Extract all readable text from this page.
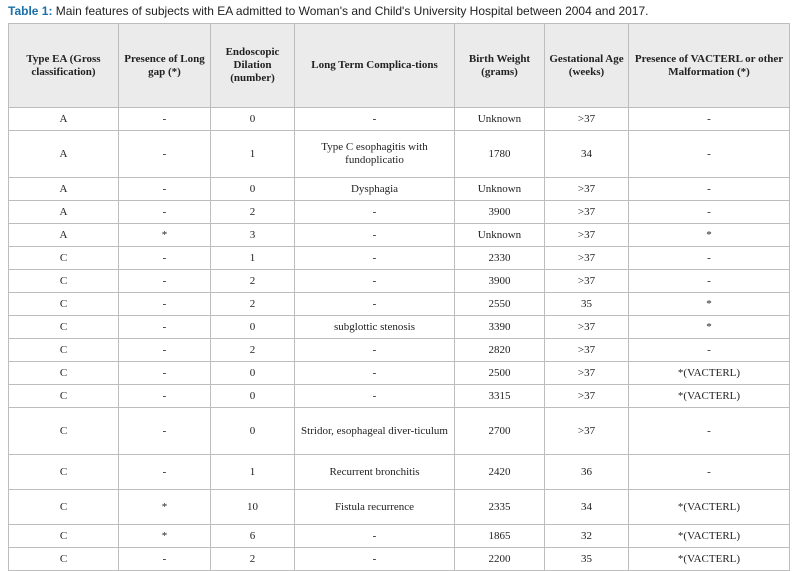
Table 1: Main features of subjects with EA admitted to Woman's and Child's University Hospital between 2004 and 2017.
Type EA (Gross classification)	Presence of Long gap (*)	Endoscopic Dilation (number)	Long Term Complica-tions	Birth Weight (grams)	Gestational Age (weeks)	Presence of VACTERL or other Malformation (*)
A	-	0	-	Unknown	>37	-
A	-	1	Type C esophagitis with fundoplicatio	1780	34	-
A	-	0	Dysphagia	Unknown	>37	-
A	-	2	-	3900	>37	-
A	*	3	-	Unknown	>37	*
C	-	1	-	2330	>37	-
C	-	2	-	3900	>37	-
C	-	2	-	2550	35	*
C	-	0	subglottic stenosis	3390	>37	*
C	-	2	-	2820	>37	-
C	-	0	-	2500	>37	*(VACTERL)
C	-	0	-	3315	>37	*(VACTERL)
C	-	0	Stridor, esophageal diver-ticulum	2700	>37	-
C	-	1	Recurrent bronchitis	2420	36	-
C	*	10	Fistula recurrence	2335	34	*(VACTERL)
C	*	6	-	1865	32	*(VACTERL)
C	-	2	-	2200	35	*(VACTERL)
